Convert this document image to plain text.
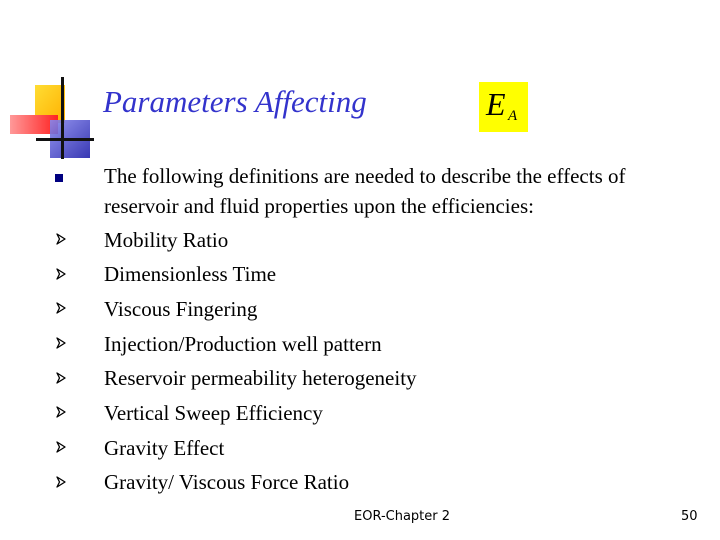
Parameters Affecting	E A
The following definitions are needed to describe the effects of
reservoir and fluid properties upon the efficiencies:
Mobility Ratio
Dimensionless Time
Viscous Fingering
Injection/Production well pattern
Reservoir permeability heterogeneity
Vertical Sweep Efficiency
Gravity Effect
Gravity/ Viscous Force Ratio
EOR-Chapter 2	50
